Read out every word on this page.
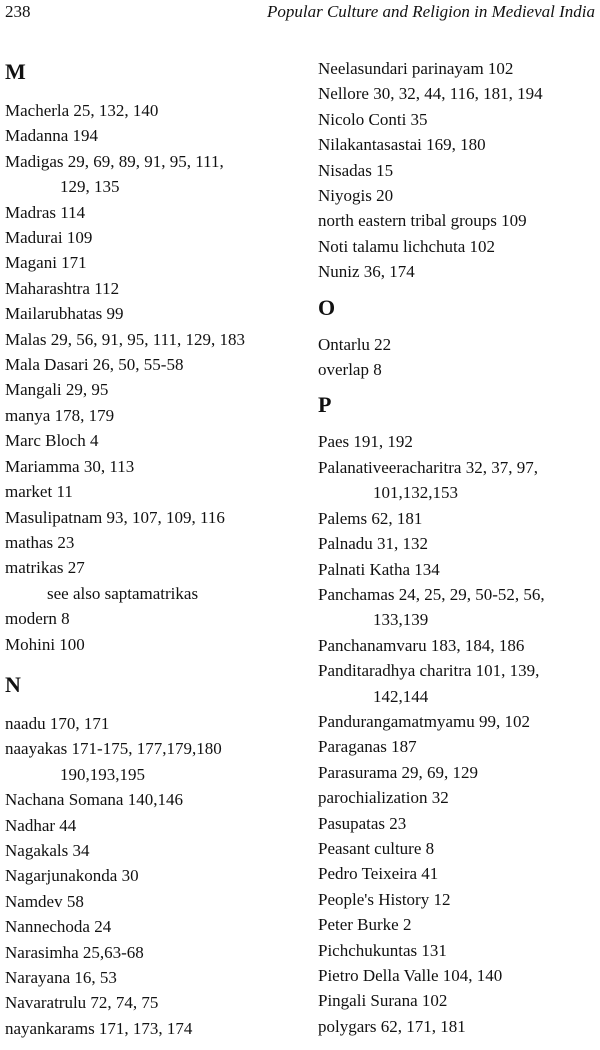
238	Popular Culture and Religion in Medieval India
M
Macherla 25, 132, 140
Madanna 194
Madigas 29, 69, 89, 91, 95, 111,
129, 135
Madras 114
Madurai 109
Magani 171
Maharashtra 112
Mailarubhatas 99
Malas 29, 56, 91, 95, 111, 129, 183
Mala Dasari 26, 50, 55-58
Mangali 29, 95
manya 178, 179
Marc Bloch 4
Mariamma 30, 113
market 11
Masulipatnam 93, 107, 109, 116
mathas 23
matrikas 27
see also saptamatrikas
modern 8
Mohini 100
N
naadu 170, 171
naayakas 171-175, 177,179,180
190,193,195
Nachana Somana 140,146
Nadhar 44
Nagakals 34
Nagarjunakonda 30
Namdev 58
Nannechoda 24
Narasimha 25,63-68
Narayana 16, 53
Navaratrulu 72, 74, 75
nayankarams 171, 173, 174
Neelasundari parinayam 102
Nellore 30, 32, 44, 116, 181, 194
Nicolo Conti 35
Nilakantasastai 169, 180
Nisadas 15
Niyogis 20
north eastern tribal groups 109
Noti talamu lichchuta 102
Nuniz 36, 174
O
Ontarlu 22
overlap 8
P
Paes 191, 192
Palanativeeracharitra 32, 37, 97,
101,132,153
Palems 62, 181
Palnadu 31, 132
Palnati Katha 134
Panchamas 24, 25, 29, 50-52, 56,
133,139
Panchanamvaru 183, 184, 186
Panditaradhya charitra 101, 139,
142,144
Pandurangamatmyamu 99, 102
Paraganas 187
Parasurama 29, 69, 129
parochialization 32
Pasupatas 23
Peasant culture 8
Pedro Teixeira 41
People's History 12
Peter Burke 2
Pichchukuntas 131
Pietro Della Valle 104, 140
Pingali Surana 102
polygars 62, 171, 181
